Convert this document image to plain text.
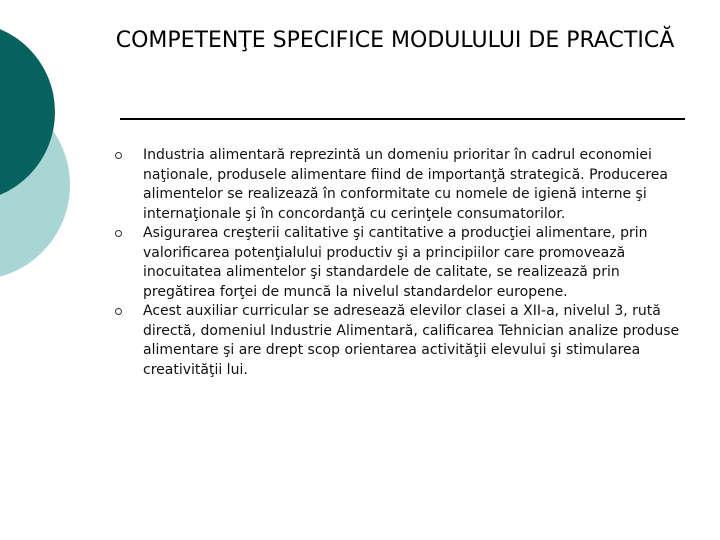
COMPETENŢE SPECIFICE MODULULUI DE PRACTICĂ
Industria alimentară reprezintă un domeniu prioritar în cadrul economiei naţionale, produsele alimentare fiind de importanţă strategică. Producerea alimentelor se realizează în conformitate cu nomele de igienă interne şi internaţionale şi în concordanţă cu cerinţele consumatorilor.
Asigurarea creşterii calitative şi cantitative a producţiei alimentare, prin valorificarea potenţialului productiv şi a principiilor care promovează inocuitatea alimentelor şi standardele de calitate, se realizează prin pregătirea forţei de muncă la nivelul standardelor europene.
Acest auxiliar curricular se adresează elevilor clasei a XII-a, nivelul 3, rută directă, domeniul Industrie Alimentară, calificarea Tehnician analize produse alimentare şi are drept scop orientarea activităţii elevului şi stimularea creativităţii lui.
